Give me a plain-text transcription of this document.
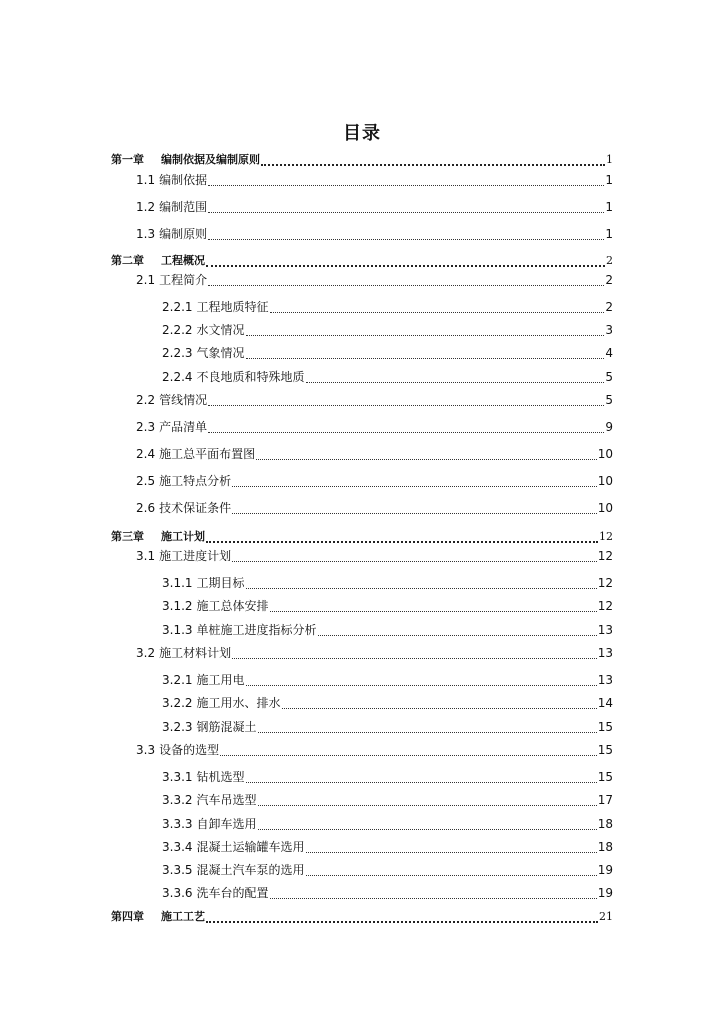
目录
第一章 编制依据及编制原则	1
1.1 编制依据	1
1.2 编制范围	1
1.3 编制原则	1
第二章 工程概况	2
2.1 工程简介	2
2.2.1 工程地质特征	2
2.2.2 水文情况	3
2.2.3 气象情况	4
2.2.4 不良地质和特殊地质	5
2.2 管线情况	5
2.3 产品清单	9
2.4 施工总平面布置图	10
2.5 施工特点分析	10
2.6 技术保证条件	10
第三章 施工计划	12
3.1 施工进度计划	12
3.1.1 工期目标	12
3.1.2 施工总体安排	12
3.1.3 单桩施工进度指标分析	13
3.2 施工材料计划	13
3.2.1 施工用电	13
3.2.2 施工用水、排水	14
3.2.3 钢筋混凝土	15
3.3 设备的选型	15
3.3.1 钻机选型	15
3.3.2 汽车吊选型	17
3.3.3 自卸车选用	18
3.3.4 混凝土运输罐车选用	18
3.3.5 混凝土汽车泵的选用	19
3.3.6 洗车台的配置	19
第四章 施工工艺	21
